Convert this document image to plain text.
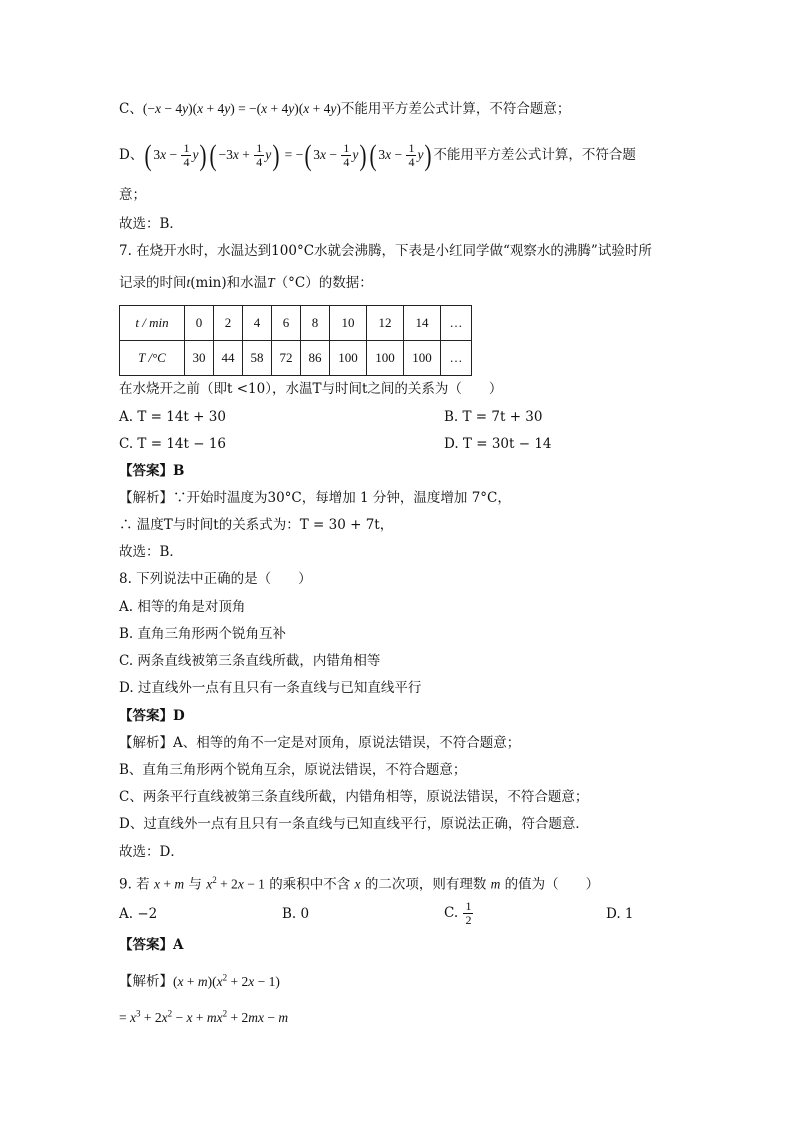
C、(−x − 4y)(x + 4y) = −(x + 4y)(x + 4y)不能用平方差公式计算，不符合题意；
D、( $3x - \frac{1}{4} y$) ( $-3x + \frac{1}{4} y$) = −( $3x - \frac{1}{4} y$) ( $3x - \frac{1}{4} y$) 不能用平方差公式计算，不符合题
意；
故选：B．
7. 在烧开水时，水温达到100°C水就会沸腾，下表是小红同学做“观察水的沸腾”试验时所
记录的时间t(min)和水温T（°C）的数据：
t / min	0	2	4	6	8	10	12	14	…
T /°C	30	44	58	72	86	100	100	100	…
在水烧开之前（即t <10），水温T与时间t之间的关系为（　　）
A. T = 14t + 30	B. T = 7t + 30
C. T = 14t − 16	D. T = 30t − 14
【答案】B
【解析】∵开始时温度为30°C，每增加 1 分钟，温度增加 7°C，
∴ 温度T与时间t的关系式为：T = 30 + 7t，
故选：B．
8. 下列说法中正确的是（　　）
A. 相等的角是对顶角
B. 直角三角形两个锐角互补
C. 两条直线被第三条直线所截，内错角相等
D. 过直线外一点有且只有一条直线与已知直线平行
【答案】D
【解析】A、相等的角不一定是对顶角，原说法错误，不符合题意；
B、直角三角形两个锐角互余，原说法错误，不符合题意；
C、两条平行直线被第三条直线所截，内错角相等，原说法错误，不符合题意；
D、过直线外一点有且只有一条直线与已知直线平行，原说法正确，符合题意．
故选：D．
9. 若 x + m 与 $x^2 + 2x - 1$ 的乘积中不含 x 的二次项，则有理数 m 的值为（　　）
A. −2	B. 0	C. $\frac{1}{2}$	D. 1
【答案】A
【解析】$(x + m)(x^2 + 2x - 1)$
= $x^3 + 2x^2 - x + mx^2 + 2mx - m$
